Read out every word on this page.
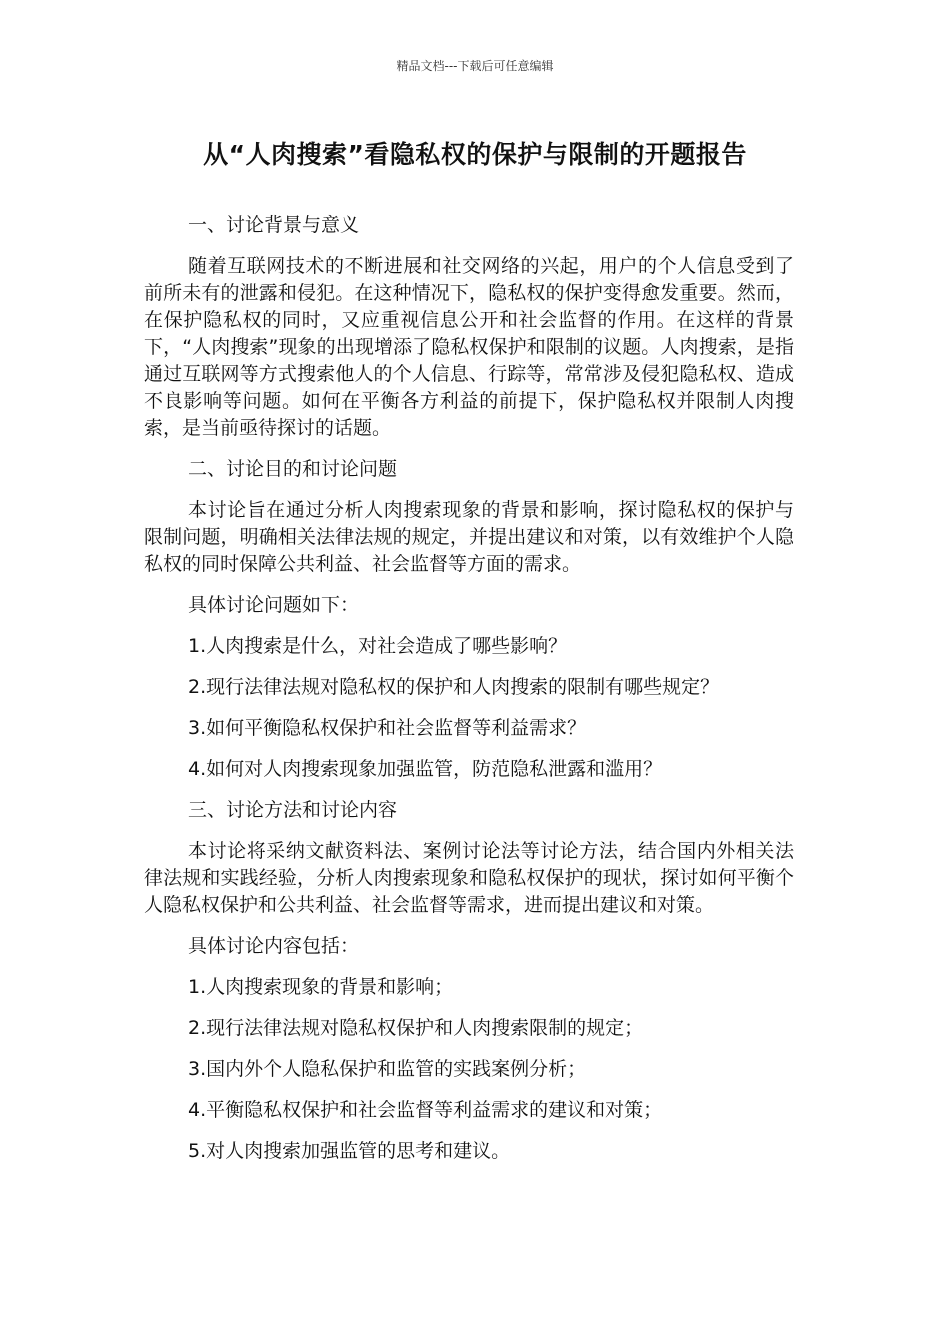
精品文档---下载后可任意编辑
从“人肉搜索”看隐私权的保护与限制的开题报告

一、讨论背景与意义

随着互联网技术的不断进展和社交网络的兴起，用户的个人信息受到了前所未有的泄露和侵犯。在这种情况下，隐私权的保护变得愈发重要。然而，在保护隐私权的同时，又应重视信息公开和社会监督的作用。在这样的背景下，“人肉搜索”现象的出现增添了隐私权保护和限制的议题。人肉搜索，是指通过互联网等方式搜索他人的个人信息、行踪等，常常涉及侵犯隐私权、造成不良影响等问题。如何在平衡各方利益的前提下，保护隐私权并限制人肉搜索，是当前亟待探讨的话题。

二、讨论目的和讨论问题

本讨论旨在通过分析人肉搜索现象的背景和影响，探讨隐私权的保护与限制问题，明确相关法律法规的规定，并提出建议和对策，以有效维护个人隐私权的同时保障公共利益、社会监督等方面的需求。

具体讨论问题如下：

1.人肉搜索是什么，对社会造成了哪些影响？

2.现行法律法规对隐私权的保护和人肉搜索的限制有哪些规定？

3.如何平衡隐私权保护和社会监督等利益需求？

4.如何对人肉搜索现象加强监管，防范隐私泄露和滥用？

三、讨论方法和讨论内容

本讨论将采纳文献资料法、案例讨论法等讨论方法，结合国内外相关法律法规和实践经验，分析人肉搜索现象和隐私权保护的现状，探讨如何平衡个人隐私权保护和公共利益、社会监督等需求，进而提出建议和对策。

具体讨论内容包括：

1.人肉搜索现象的背景和影响；

2.现行法律法规对隐私权保护和人肉搜索限制的规定；

3.国内外个人隐私保护和监管的实践案例分析；

4.平衡隐私权保护和社会监督等利益需求的建议和对策；

5.对人肉搜索加强监管的思考和建议。
